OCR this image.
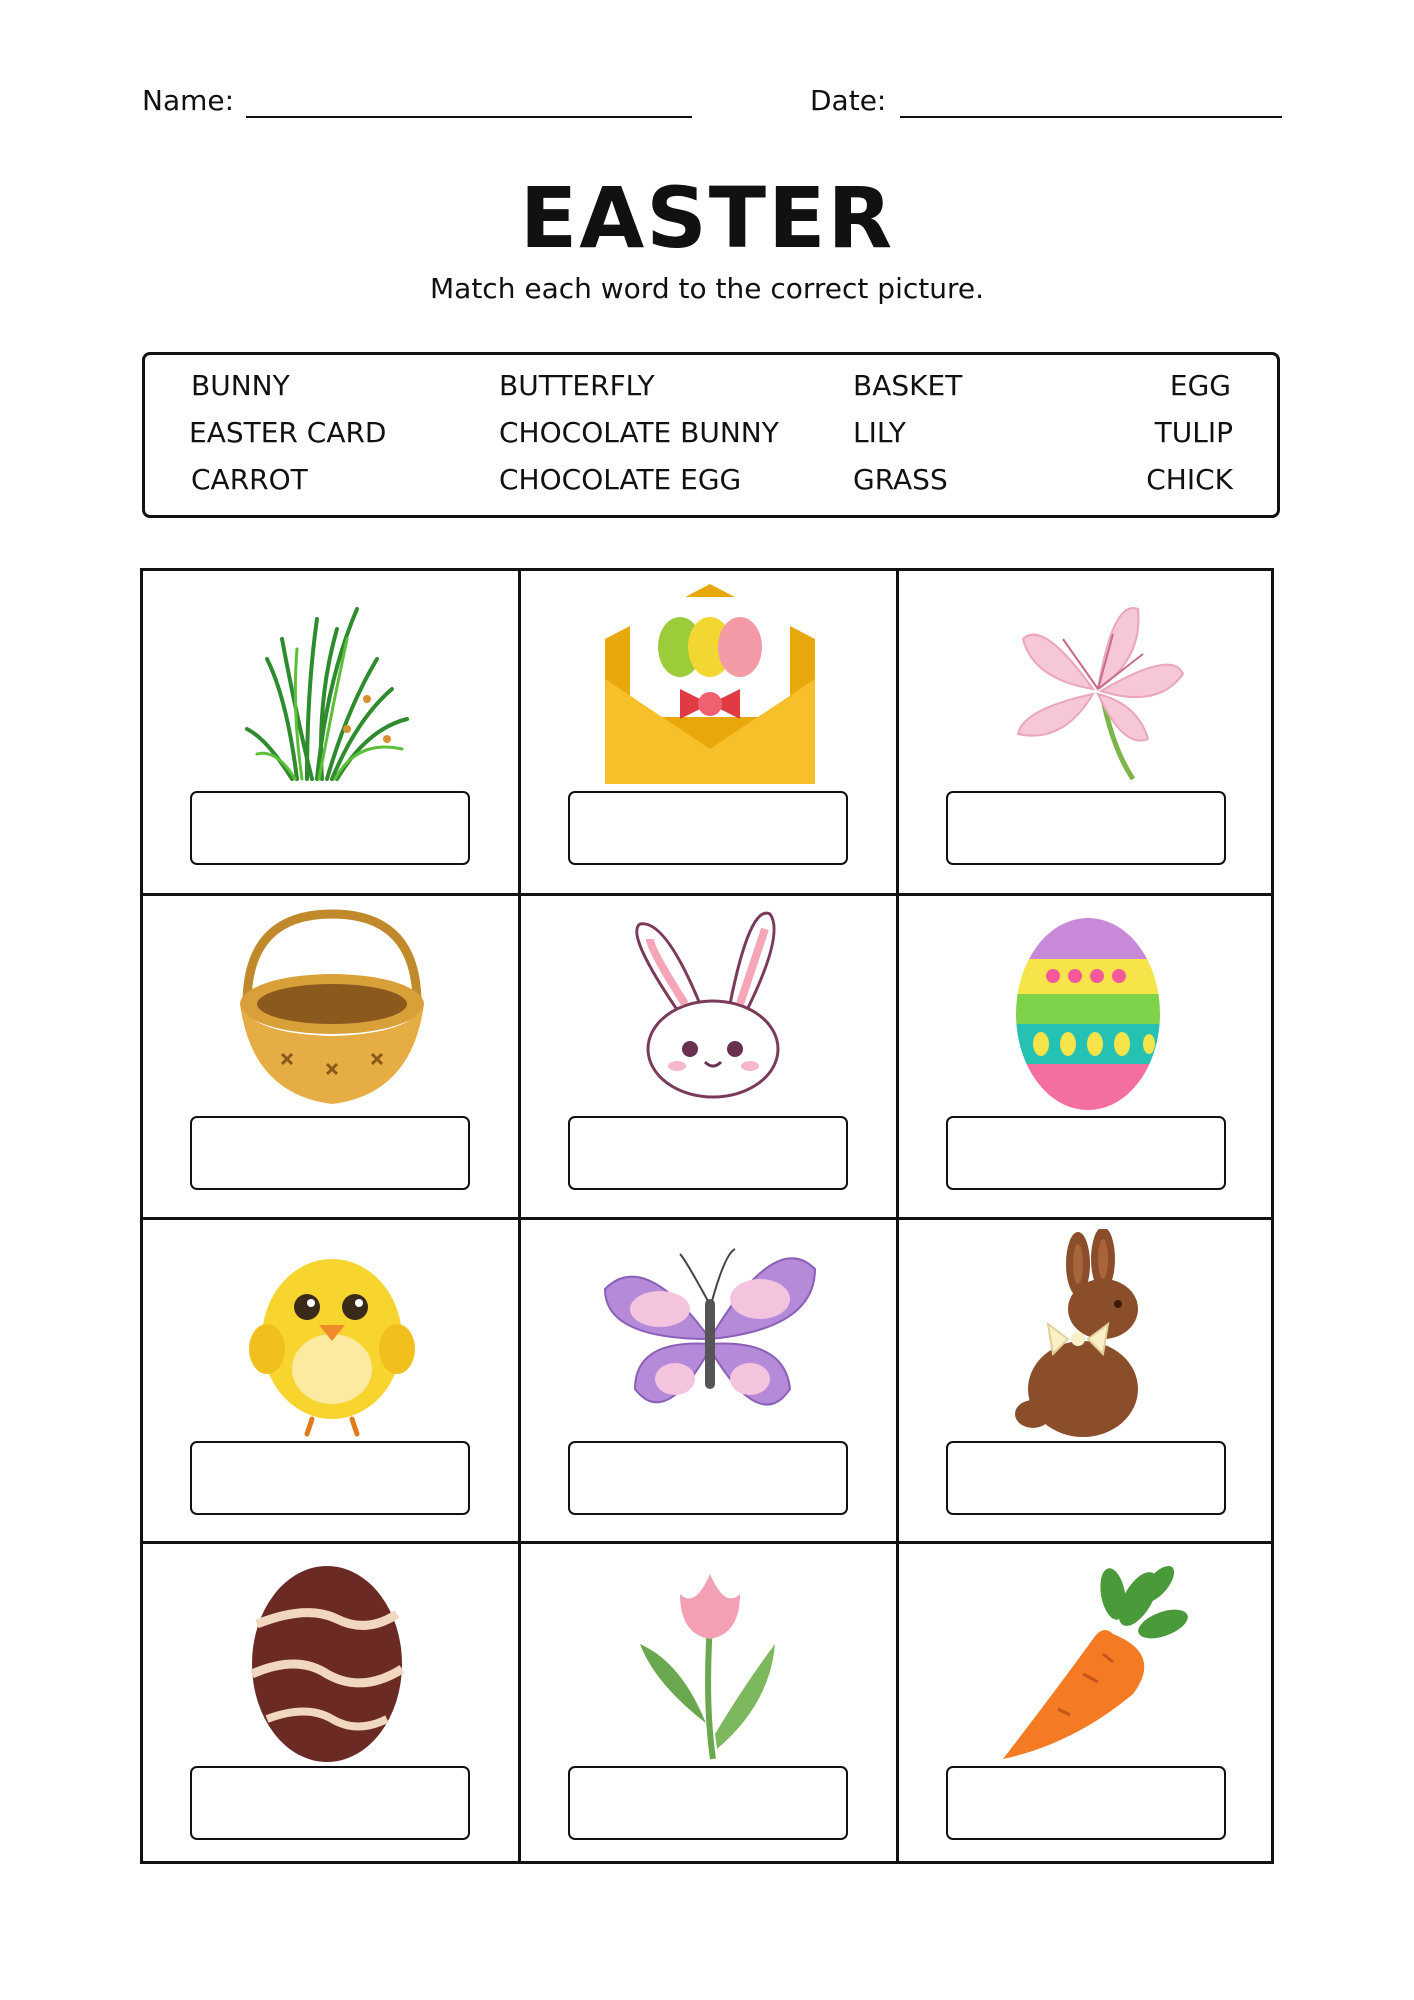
Name:	Date:
EASTER
Match each word to the correct picture.
BUNNY	BUTTERFLY	BASKET	EGG
EASTER CARD	CHOCOLATE BUNNY	LILY	TULIP
CARROT	CHOCOLATE EGG	GRASS	CHICK
